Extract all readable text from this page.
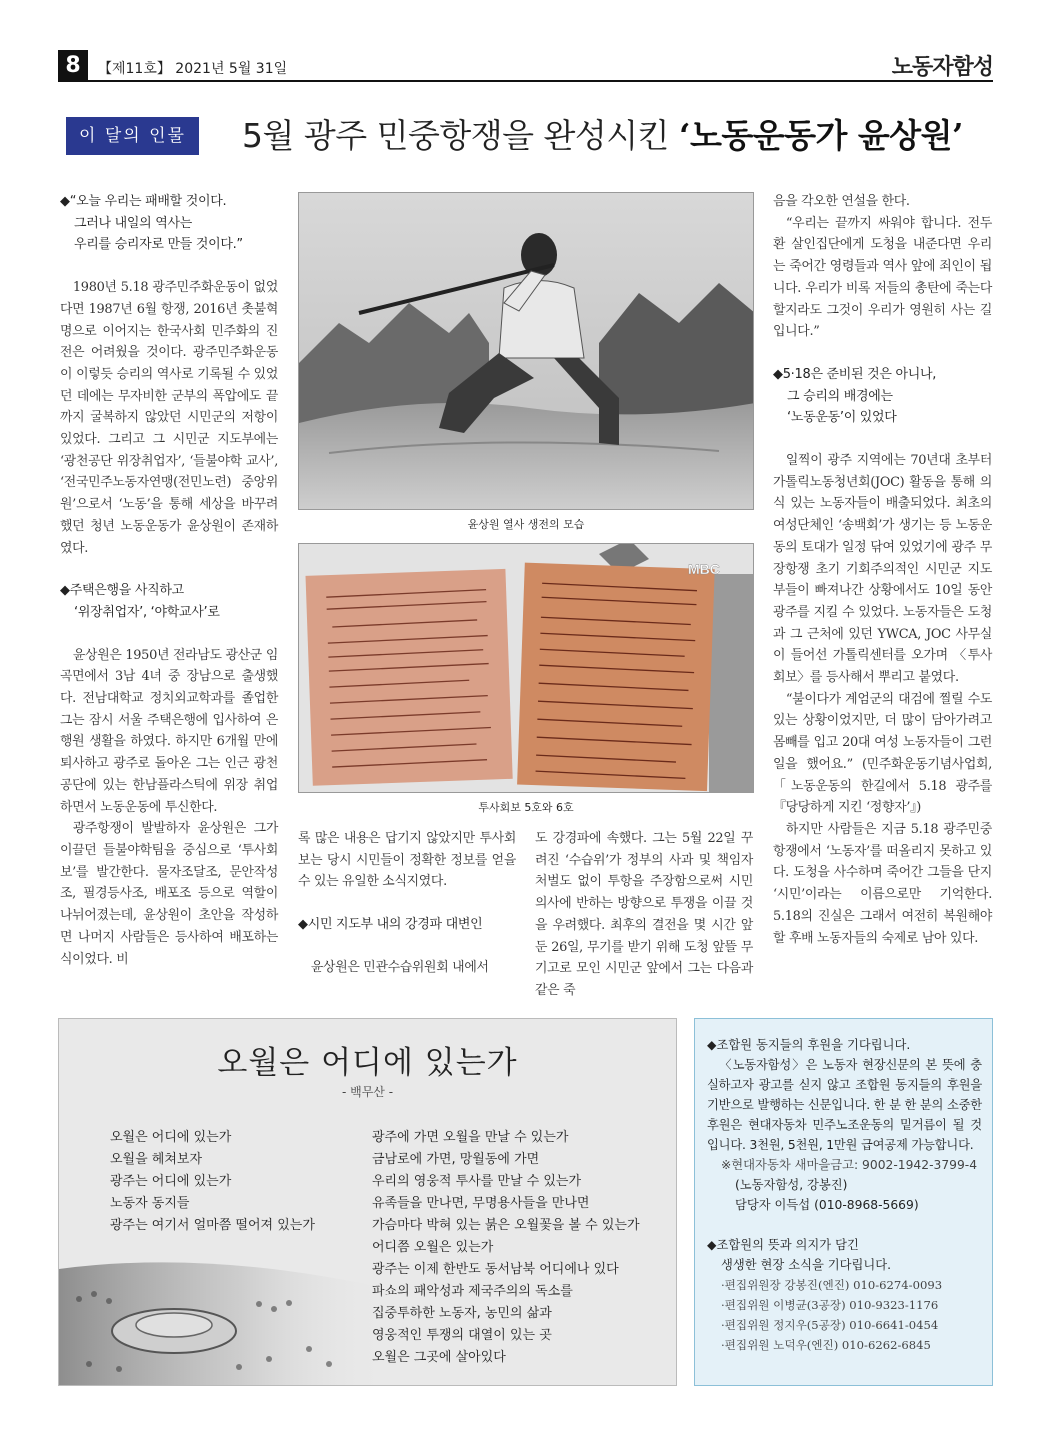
8	【제11호】 2021년 5월 31일	노동자함성
이 달의 인물	5월 광주 민중항쟁을 완성시킨 ‘노동운동가 윤상원’
◆“오늘 우리는 패배할 것이다.
그러나 내일의 역사는
우리를 승리자로 만들 것이다.”

1980년 5.18 광주민주화운동이 없었다면 1987년 6월 항쟁, 2016년 촛불혁명으로 이어지는 한국사회 민주화의 진전은 어려웠을 것이다. 광주민주화운동이 이렇듯 승리의 역사로 기록될 수 있었던 데에는 무자비한 군부의 폭압에도 끝까지 굴복하지 않았던 시민군의 저항이 있었다. 그리고 그 시민군 지도부에는 ‘광천공단 위장취업자’, ‘들불야학 교사’, ‘전국민주노동자연맹(전민노련) 중앙위원’으로서 ‘노동’을 통해 세상을 바꾸려 했던 청년 노동운동가 윤상원이 존재하였다.

◆주택은행을 사직하고
‘위장취업자’, ‘야학교사’로

윤상원은 1950년 전라남도 광산군 임곡면에서 3남 4녀 중 장남으로 출생했다. 전남대학교 정치외교학과를 졸업한 그는 잠시 서울 주택은행에 입사하여 은행원 생활을 하였다. 하지만 6개월 만에 퇴사하고 광주로 돌아온 그는 인근 광천공단에 있는 한남플라스틱에 위장 취업하면서 노동운동에 투신한다.

광주항쟁이 발발하자 윤상원은 그가 이끌던 들불야학팀을 중심으로 ‘투사회보’를 발간한다. 물자조달조, 문안작성조, 필경등사조, 배포조 등으로 역할이 나뉘어졌는데, 윤상원이 초안을 작성하면 나머지 사람들은 등사하여 배포하는 식이었다. 비

윤상원 열사 생전의 모습
MBC
투사회보 5호와 6호

록 많은 내용은 답기지 않았지만 투사회보는 당시 시민들이 정확한 정보를 얻을 수 있는 유일한 소식지였다.

◆시민 지도부 내의 강경파 대변인

윤상원은 민관수습위원회 내에서

도 강경파에 속했다. 그는 5월 22일 꾸려진 ‘수습위’가 정부의 사과 및 책임자 처벌도 없이 투항을 주장함으로써 시민 의사에 반하는 방향으로 투쟁을 이끌 것을 우려했다. 최후의 결전을 몇 시간 앞둔 26일, 무기를 받기 위해 도청 앞뜰 무기고로 모인 시민군 앞에서 그는 다음과 같은 죽

음을 각오한 연설을 한다.

“우리는 끝까지 싸워야 합니다. 전두환 살인집단에게 도청을 내준다면 우리는 죽어간 영령들과 역사 앞에 죄인이 됩니다. 우리가 비록 저들의 총탄에 죽는다 할지라도 그것이 우리가 영원히 사는 길입니다.”

◆5·18은 준비된 것은 아니나,
그 승리의 배경에는
‘노동운동’이 있었다

일찍이 광주 지역에는 70년대 초부터 가톨릭노동청년회(JOC) 활동을 통해 의식 있는 노동자들이 배출되었다. 최초의 여성단체인 ‘송백회’가 생기는 등 노동운동의 토대가 일정 닦여 있었기에 광주 무장항쟁 초기 기회주의적인 시민군 지도부들이 빠져나간 상황에서도 10일 동안 광주를 지킬 수 있었다. 노동자들은 도청과 그 근처에 있던 YWCA, JOC 사무실이 들어선 가톨릭센터를 오가며 〈투사회보〉를 등사해서 뿌리고 붙였다.

“불이다가 계엄군의 대검에 찔릴 수도 있는 상황이었지만, 더 많이 담아가려고 몸빼를 입고 20대 여성 노동자들이 그런 일을 했어요.” (민주화운동기념사업회, 「노동운동의 한길에서 5.18 광주를 『당당하게 지킨 ‘정향자’』)

하지만 사람들은 지금 5.18 광주민중항쟁에서 ‘노동자’를 떠올리지 못하고 있다. 도청을 사수하며 죽어간 그들을 단지 ‘시민’이라는 이름으로만 기억한다. 5.18의 진실은 그래서 여전히 복원해야 할 후배 노동자들의 숙제로 남아 있다.

오월은 어디에 있는가
- 백무산 -
오월은 어디에 있는가
오월을 헤쳐보자
광주는 어디에 있는가
노동자 동지들
광주는 여기서 얼마쯤 떨어져 있는가
광주에 가면 오월을 만날 수 있는가
금남로에 가면, 망월동에 가면
우리의 영웅적 투사를 만날 수 있는가
유족들을 만나면, 무명용사들을 만나면
가슴마다 박혀 있는 붉은 오월꽃을 볼 수 있는가
어디쯤 오월은 있는가
광주는 이제 한반도 동서남북 어디에나 있다
파쇼의 패악성과 제국주의의 독소를
집중투하한 노동자, 농민의 삶과
영웅적인 투쟁의 대열이 있는 곳
오월은 그곳에 살아있다
◆조합원 동지들의 후원을 기다립니다.
〈노동자함성〉은 노동자 현장신문의 본 뜻에 충실하고자 광고를 싣지 않고 조합원 동지들의 후원을 기반으로 발행하는 신문입니다. 한 분 한 분의 소중한 후원은 현대자동차 민주노조운동의 밑거름이 될 것입니다. 3천원, 5천원, 1만원 급여공제 가능합니다.
※현대자동차 새마을금고: 9002-1942-3799-4
(노동자함성, 강봉진)
담당자 이득섭 (010-8968-5669)
◆조합원의 뜻과 의지가 담긴
생생한 현장 소식을 기다립니다.
·편집위원장 강봉진(엔진) 010-6274-0093
·편집위원 이병균(3공장) 010-9323-1176
·편집위원 정지우(5공장) 010-6641-0454
·편집위원 노덕우(엔진) 010-6262-6845
